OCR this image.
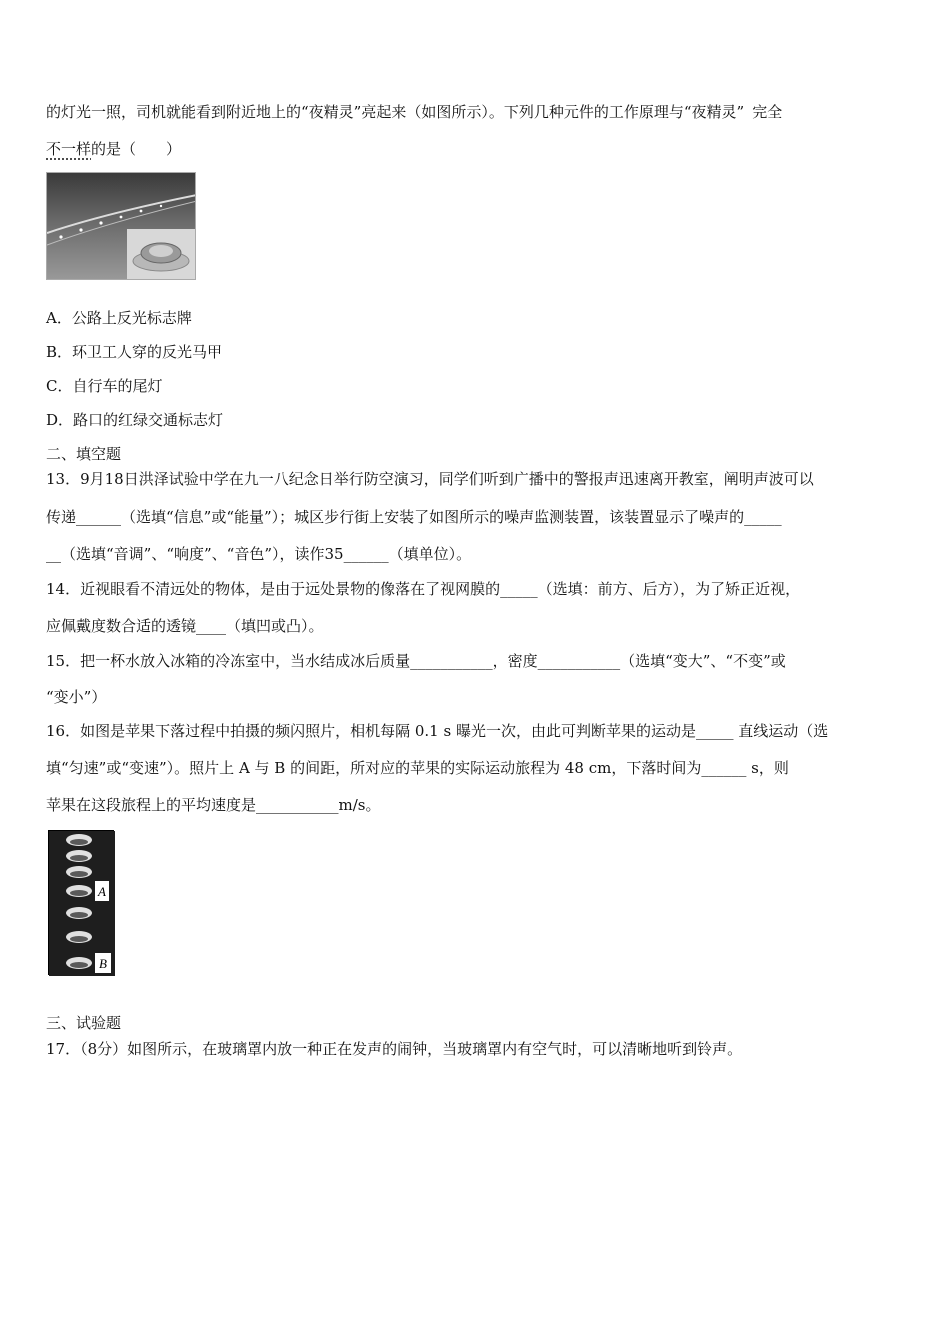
的灯光一照，司机就能看到附近地上的“夜精灵”亮起来（如图所示）。下列几种元件的工作原理与“夜精灵” 完全
不一样的是（　　）
A．公路上反光标志牌
B．环卫工人穿的反光马甲
C．自行车的尾灯
D．路口的红绿交通标志灯
二、填空题
13．9月18日洪泽试验中学在九一八纪念日举行防空演习，同学们听到广播中的警报声迅速离开教室，阐明声波可以
传递______（选填“信息”或“能量”）；城区步行街上安装了如图所示的噪声监测装置，该装置显示了噪声的_____
__（选填“音调”、“响度”、“音色”），读作35______（填单位）。
14．近视眼看不清远处的物体，是由于远处景物的像落在了视网膜的_____（选填：前方、后方），为了矫正近视，
应佩戴度数合适的透镜____（填凹或凸）。
15．把一杯水放入冰箱的冷冻室中，当水结成冰后质量___________，密度___________（选填“变大”、“不变”或
“变小”）
16．如图是苹果下落过程中拍摄的频闪照片，相机每隔 0.1 s 曝光一次，由此可判断苹果的运动是_____ 直线运动（选
填“匀速”或“变速”）。照片上 A 与 B 的间距，所对应的苹果的实际运动旅程为 48 cm，下落时间为______ s，则
苹果在这段旅程上的平均速度是___________m/s。
A
B
三、试验题
17．（8分）如图所示，在玻璃罩内放一种正在发声的闹钟，当玻璃罩内有空气时，可以清晰地听到铃声。
